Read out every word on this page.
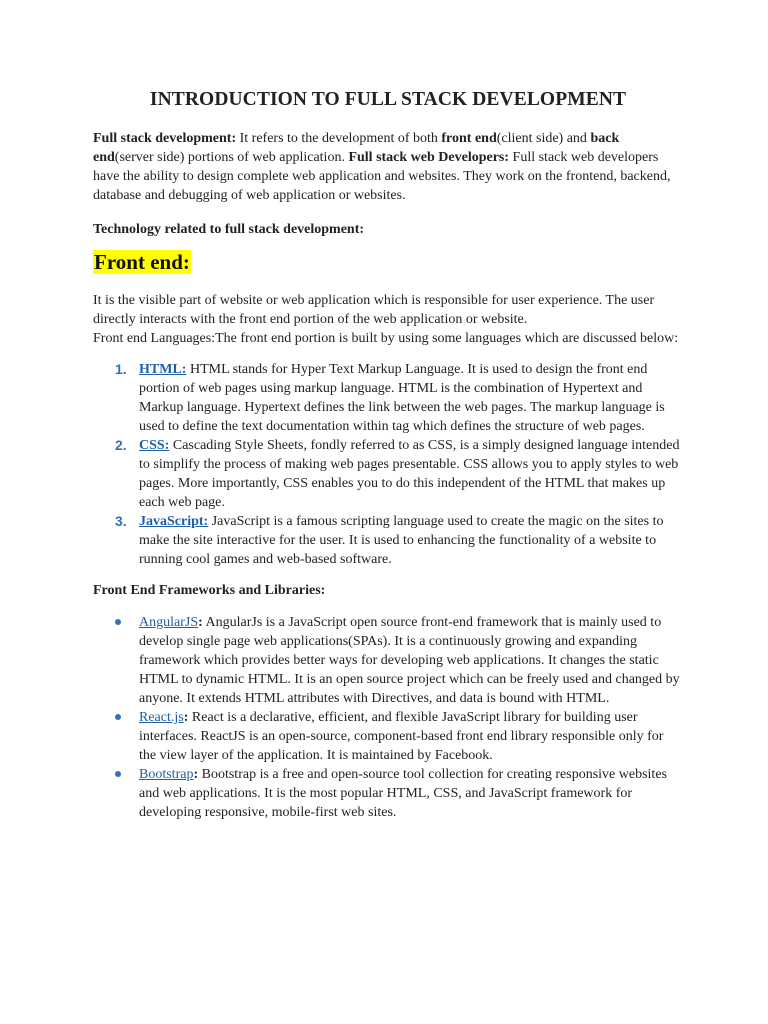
INTRODUCTION TO FULL STACK DEVELOPMENT

Full stack development: It refers to the development of both front end(client side) and back end(server side) portions of web application. Full stack web Developers: Full stack web developers have the ability to design complete web application and websites. They work on the frontend, backend, database and debugging of web application or websites.

Technology related to full stack development:

Front end:

It is the visible part of website or web application which is responsible for user experience. The user directly interacts with the front end portion of the web application or website.

Front end Languages:The front end portion is built by using some languages which are discussed below:

1. HTML: HTML stands for Hyper Text Markup Language. It is used to design the front end portion of web pages using markup language. HTML is the combination of Hypertext and Markup language. Hypertext defines the link between the web pages. The markup language is used to define the text documentation within tag which defines the structure of web pages.
2. CSS: Cascading Style Sheets, fondly referred to as CSS, is a simply designed language intended to simplify the process of making web pages presentable. CSS allows you to apply styles to web pages. More importantly, CSS enables you to do this independent of the HTML that makes up each web page.
3. JavaScript: JavaScript is a famous scripting language used to create the magic on the sites to make the site interactive for the user. It is used to enhancing the functionality of a website to running cool games and web-based software.

Front End Frameworks and Libraries:

AngularJS: AngularJs is a JavaScript open source front-end framework that is mainly used to develop single page web applications(SPAs). It is a continuously growing and expanding framework which provides better ways for developing web applications. It changes the static HTML to dynamic HTML. It is an open source project which can be freely used and changed by anyone. It extends HTML attributes with Directives, and data is bound with HTML.
React.js: React is a declarative, efficient, and flexible JavaScript library for building user interfaces. ReactJS is an open-source, component-based front end library responsible only for the view layer of the application. It is maintained by Facebook.
Bootstrap: Bootstrap is a free and open-source tool collection for creating responsive websites and web applications. It is the most popular HTML, CSS, and JavaScript framework for developing responsive, mobile-first web sites.
